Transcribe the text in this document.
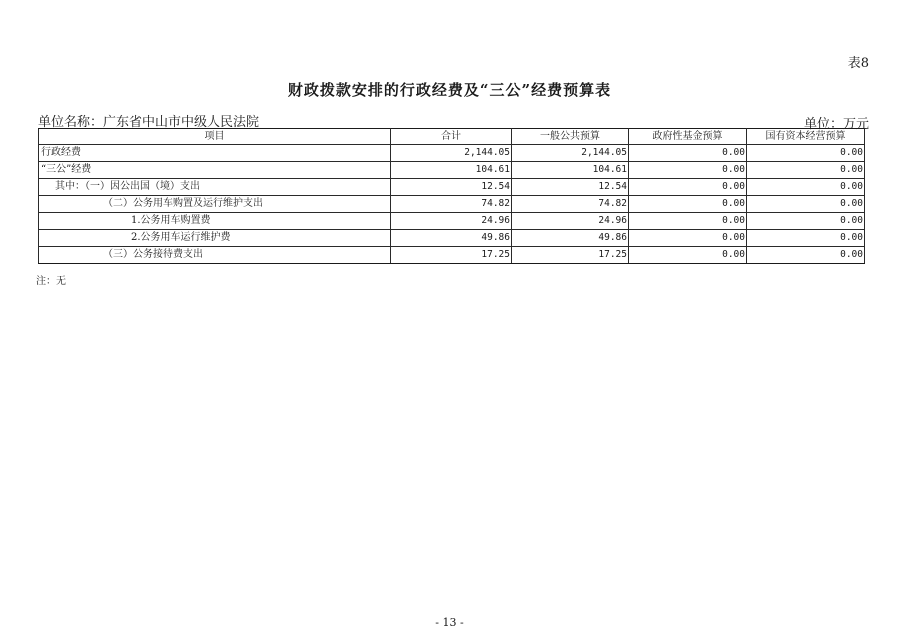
表8
财政拨款安排的行政经费及“三公”经费预算表
单位名称：广东省中山市中级人民法院	单位：万元
项目	合计	一般公共预算	政府性基金预算	国有资本经营预算
行政经费	2,144.05	2,144.05	0.00	0.00
“三公”经费	104.61	104.61	0.00	0.00
其中：（一）因公出国（境）支出	12.54	12.54	0.00	0.00
（二）公务用车购置及运行维护支出	74.82	74.82	0.00	0.00
1.公务用车购置费	24.96	24.96	0.00	0.00
2.公务用车运行维护费	49.86	49.86	0.00	0.00
（三）公务接待费支出	17.25	17.25	0.00	0.00
注：无
- 13 -
